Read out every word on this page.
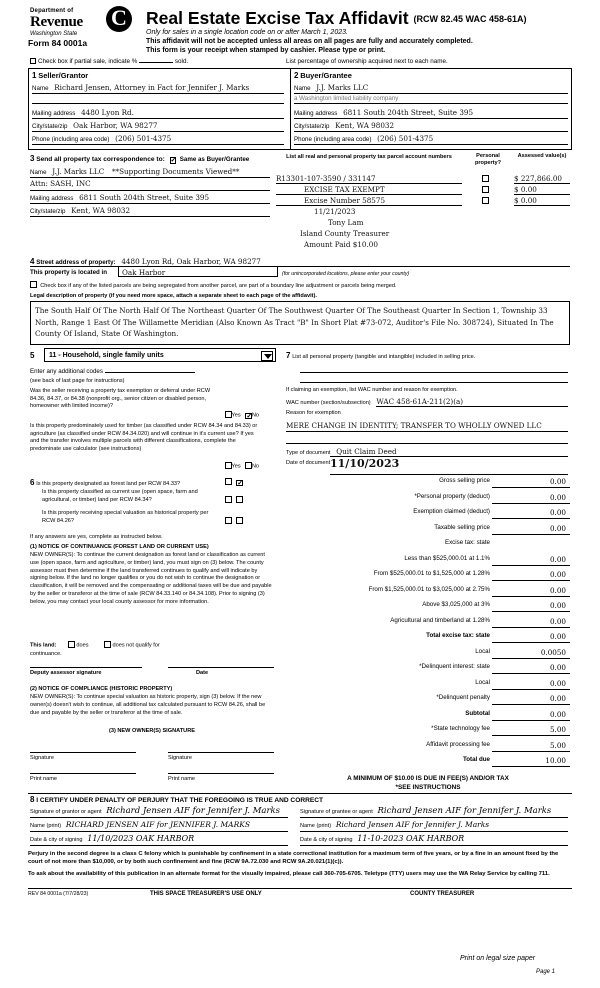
Department of
Revenue
Washington State
C
Form 84 0001a
Real Estate Excise Tax Affidavit (RCW 82.45 WAC 458-61A)
Only for sales in a single location code on or after March 1, 2023.
This affidavit will not be accepted unless all areas on all pages are fully and accurately completed.
This form is your receipt when stamped by cashier. Please type or print.
Check box if partial sale, indicate %	sold.	List percentage of ownership acquired next to each name.
1 Seller/Grantor
Name Richard Jensen, Attorney in Fact for Jennifer J. Marks
Mailing address 4480 Lyon Rd.
City/state/zip Oak Harbor, WA 98277
Phone (including area code) (206) 501-4375
2 Buyer/Grantee
Name J.J. Marks LLC
a Washington limited liability company
Mailing address 6811 South 204th Street, Suite 395
City/state/zip Kent, WA 98032
Phone (including area code) (206) 501-4375
3 Send all property tax correspondence to: ✓ Same as Buyer/Grantee
Name J.J. Marks LLC **Supporting Documents Viewed**
Attn: SASH, INC
Mailing address 6811 South 204th Street, Suite 395
City/state/zip Kent, WA 98032
List all real and personal property tax parcel account numbers	Personal property?
Assessed value(s)
R13301-107-3590 / 331147	$ 227,866.00
EXCISE TAX EXEMPT	$ 0.00
Excise Number 58575	$ 0.00
11/21/2023
Tony Lam
Island County Treasurer
Amount Paid $10.00
4 Street address of property: 4480 Lyon Rd, Oak Harbor, WA 98277
This property is located in Oak Harbor	(for unincorporated locations, please enter your county)
Check box if any of the listed parcels are being segregated from another parcel, are part of a boundary line adjustment or parcels being merged.
Legal description of property (if you need more space, attach a separate sheet to each page of the affidavit).
The South Half Of The North Half Of The Northeast Quarter Of The Southwest Quarter Of The Southeast Quarter In Section 1, Township 33 North, Range 1 East Of The Willamette Meridian (Also Known As Tract "B" In Short Plat #73-072, Auditor's File No. 308724), Situated In The County Of Island, State Of Washington.
5 11 - Household, single family units
Enter any additional codes
(see back of last page for instructions)
Was the seller receiving a property tax exemption or deferral under RCW 84.36, 84.37, or 84.38 (nonprofit org., senior citizen or disabled person, homeowner with limited income)?
Yes ✓ No
Is this property predominately used for timber (as classified under RCW 84.34 and 84.33) or agriculture (as classified under RCW 84.34.020) and will continue in it's current use? If yes and the transfer involves multiple parcels with different classifications, complete the predominate use calculator (see instructions)
Yes No
6 Is this property designated as forest land per RCW 84.33?
	✓
Is this property classified as current use (open space, farm and agricultural, or timber) land per RCW 84.34?

Is this property receiving special valuation as historical property per RCW 84.26?

If any answers are yes, complete as instructed below.
(1) NOTICE OF CONTINUANCE (FOREST LAND OR CURRENT USE)
NEW OWNER(S): To continue the current designation as forest land or classification as current use (open space, farm and agriculture, or timber) land, you must sign on (3) below. The county assessor must then determine if the land transferred continues to qualify and will indicate by signing below. If the land no longer qualifies or you do not wish to continue the designation or classification, it will be removed and the compensating or additional taxes will be due and payable by the seller or transferor at the time of sale (RCW 84.33.140 or 84.34.108). Prior to signing (3) below, you may contact your local county assessor for more information.
This land:	does	does not qualify for
continuance.
Deputy assessor signature	Date
(2) NOTICE OF COMPLIANCE (HISTORIC PROPERTY)
NEW OWNER(S): To continue special valuation as historic property, sign (3) below. If the new owner(s) doesn't wish to continue, all additional tax calculated pursuant to RCW 84.26, shall be due and payable by the seller or transferor at the time of sale.
(3) NEW OWNER(S) SIGNATURE
Signature	Signature
Print name	Print name
7 List all personal property (tangible and intangible) included in selling price.
If claiming an exemption, list WAC number and reason for exemption.
WAC number (section/subsection) WAC 458-61A-211(2)(a)
Reason for exemption
MERE CHANGE IN IDENTITY; TRANSFER TO WHOLLY OWNED LLC
Type of document Quit Claim Deed
Date of document 11/10/2023
Gross selling price	0.00
*Personal property (deduct)	0.00
Exemption claimed (deduct)	0.00
Taxable selling price	0.00
Excise tax: state
Less than $525,000.01 at 1.1%	0.00
From $525,000.01 to $1,525,000 at 1.28%	0.00
From $1,525,000.01 to $3,025,000 at 2.75%	0.00
Above $3,025,000 at 3%	0.00
Agricultural and timberland at 1.28%	0.00
Total excise tax: state	0.00
Local	0.0050
*Delinquent interest: state	0.00
Local	0.00
*Delinquent penalty	0.00
Subtotal	0.00
*State technology fee	5.00
Affidavit processing fee	5.00
Total due	10.00
A MINIMUM OF $10.00 IS DUE IN FEE(S) AND/OR TAX
*SEE INSTRUCTIONS
8 I CERTIFY UNDER PENALTY OF PERJURY THAT THE FOREGOING IS TRUE AND CORRECT
Signature of grantor or agent Richard Jensen AIF for Jennifer J. Marks	Signature of grantee or agent Richard Jensen AIF for Jennifer J. Marks
Name (print) RICHARD JENSEN AIF for JENNIFER J. MARKS	Name (print) Richard Jensen AIF for Jennifer J. Marks
Date & city of signing 11/10/2023 OAK HARBOR	Date & city of signing 11-10-2023 OAK HARBOR
Perjury in the second degree is a class C felony which is punishable by confinement in a state correctional institution for a maximum term of five years, or by a fine in an amount fixed by the court of not more than $10,000, or by both such confinement and fine (RCW 9A.72.030 and RCW 9A.20.021(1)(c)).
To ask about the availability of this publication in an alternate format for the visually impaired, please call 360-705-6705. Teletype (TTY) users may use the WA Relay Service by calling 711.
REV 84 0001a (7/7/28/23)	THIS SPACE TREASURER'S USE ONLY	COUNTY TREASURER
Print on legal size paper
Page 1
